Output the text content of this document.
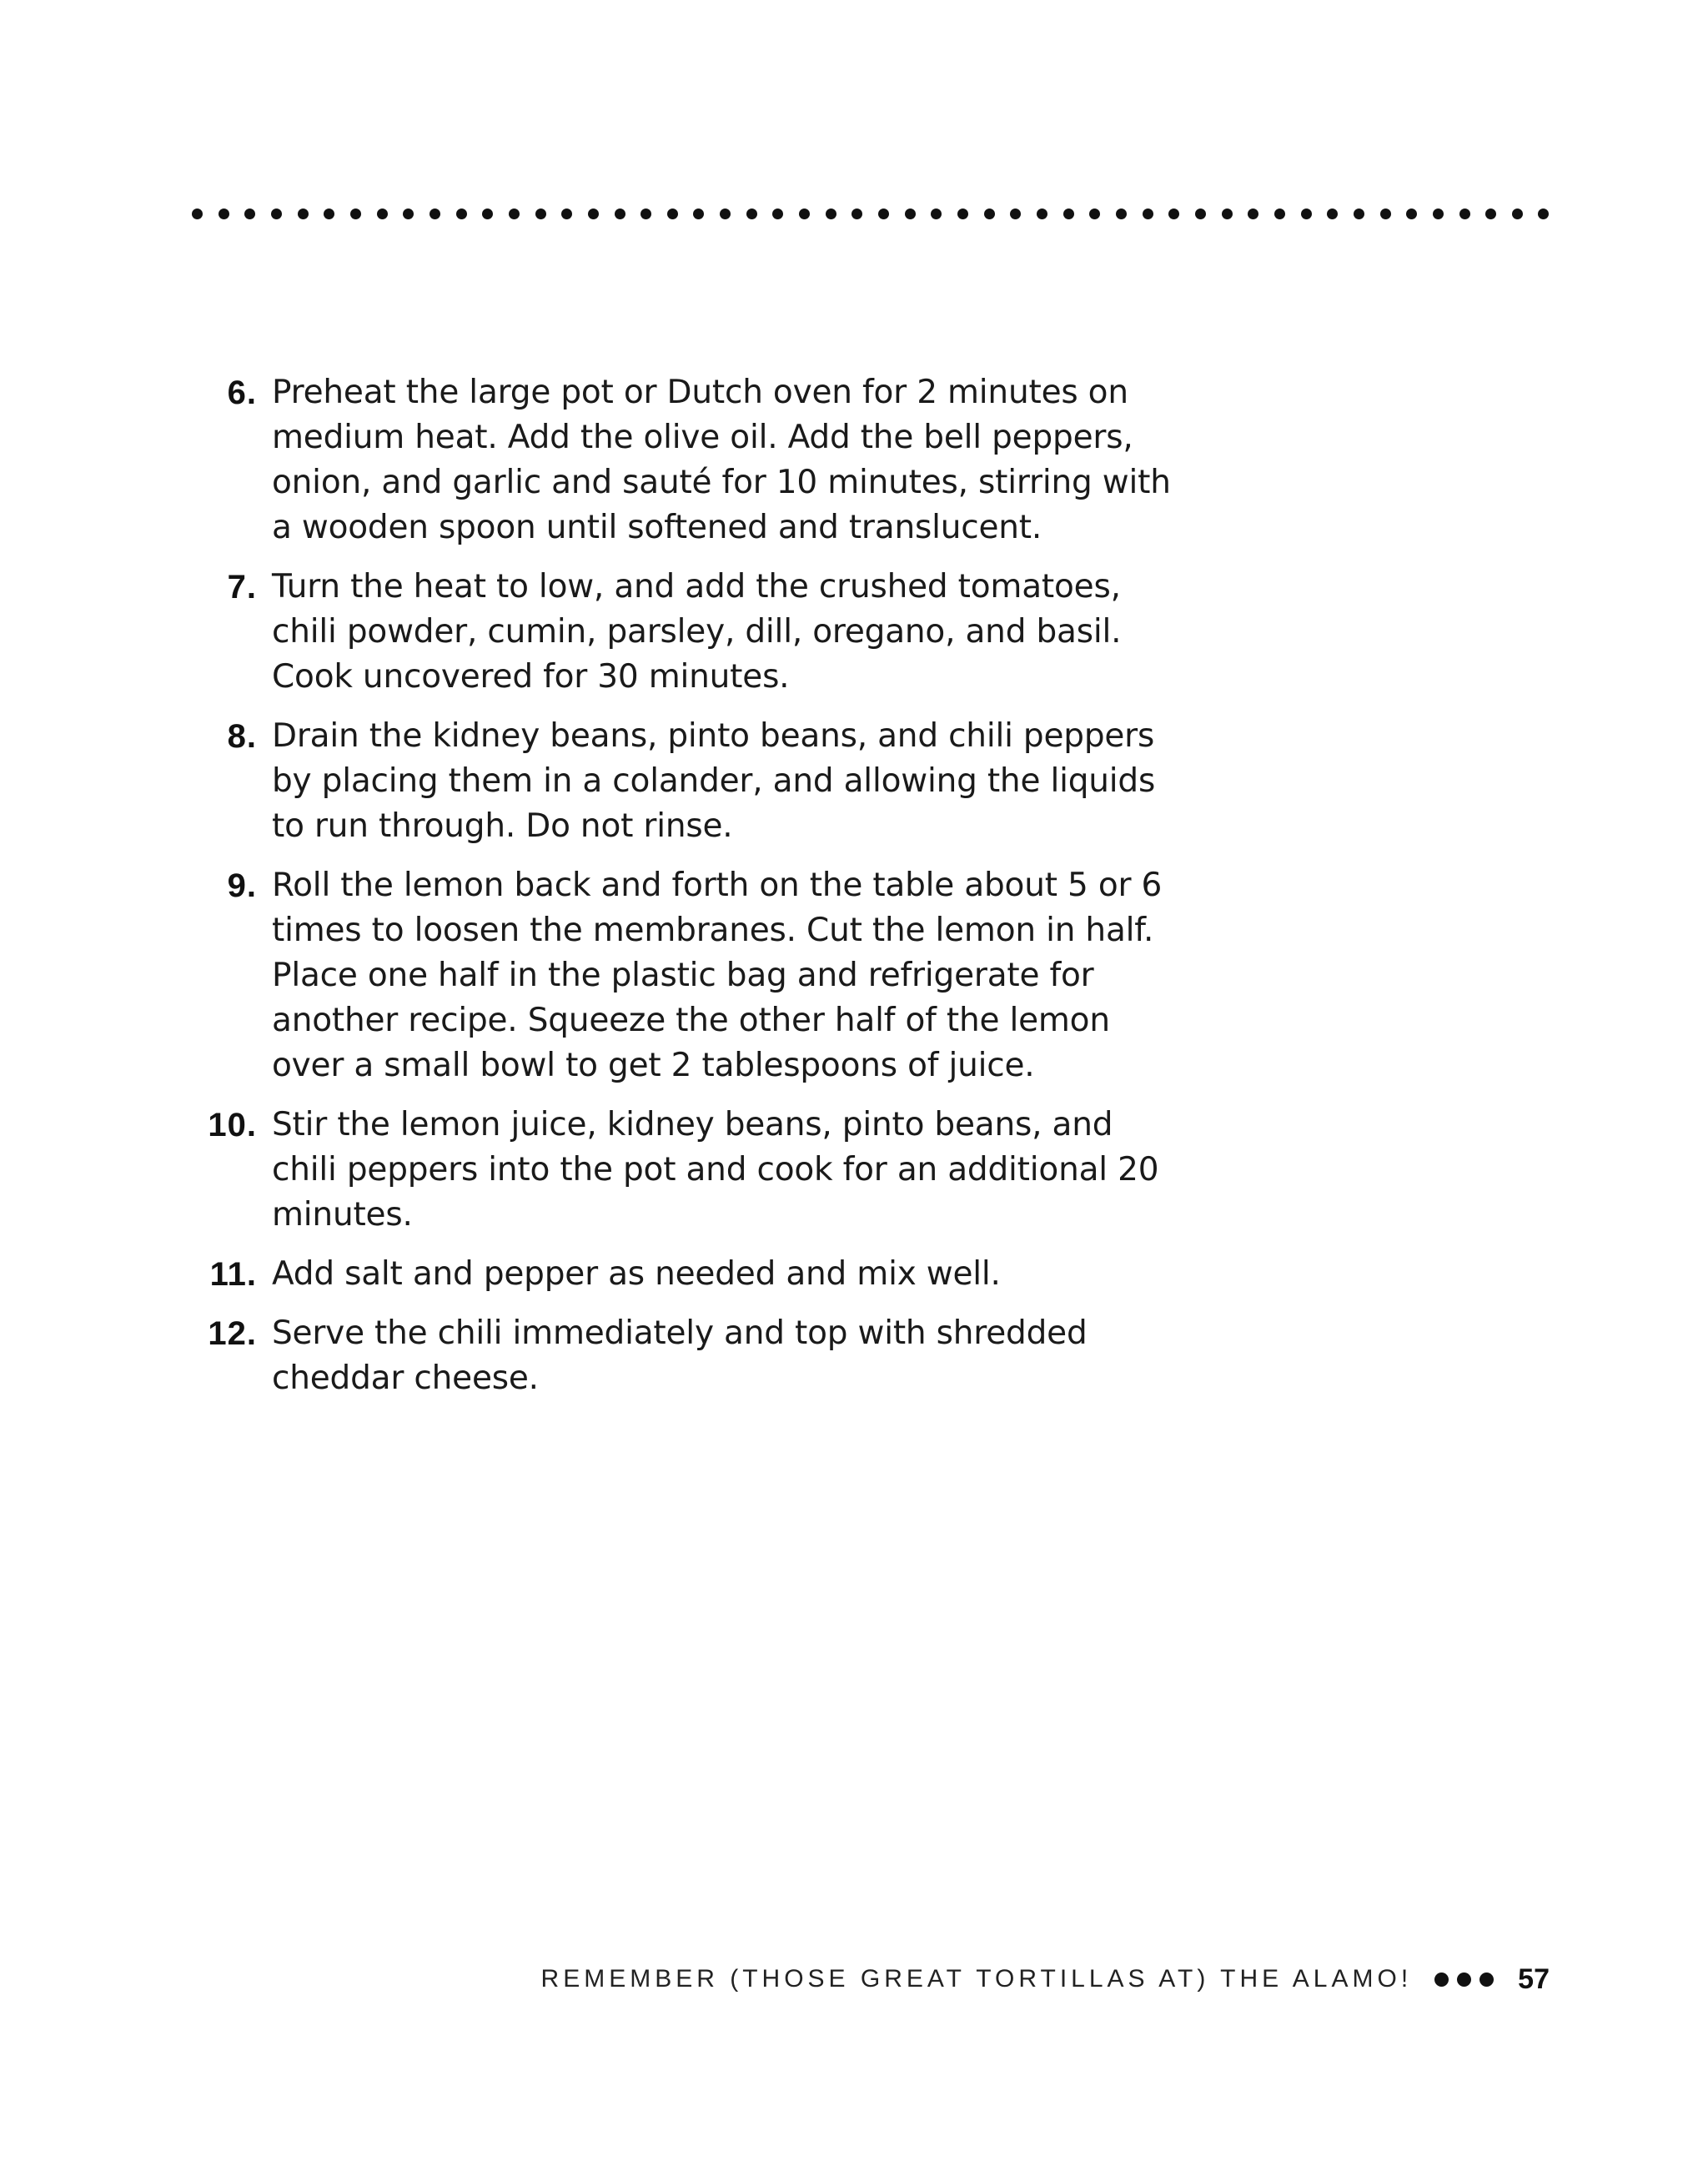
6. Preheat the large pot or Dutch oven for 2 minutes on medium heat. Add the olive oil. Add the bell peppers, onion, and garlic and sauté for 10 minutes, stirring with a wooden spoon until softened and translucent.
7. Turn the heat to low, and add the crushed tomatoes, chili powder, cumin, parsley, dill, oregano, and basil. Cook uncovered for 30 minutes.
8. Drain the kidney beans, pinto beans, and chili peppers by placing them in a colander, and allowing the liquids to run through. Do not rinse.
9. Roll the lemon back and forth on the table about 5 or 6 times to loosen the membranes. Cut the lemon in half. Place one half in the plastic bag and refrigerate for another recipe. Squeeze the other half of the lemon over a small bowl to get 2 tablespoons of juice.
10. Stir the lemon juice, kidney beans, pinto beans, and chili peppers into the pot and cook for an additional 20 minutes.
11. Add salt and pepper as needed and mix well.
12. Serve the chili immediately and top with shredded cheddar cheese.
REMEMBER (THOSE GREAT TORTILLAS AT) THE ALAMO!	57
